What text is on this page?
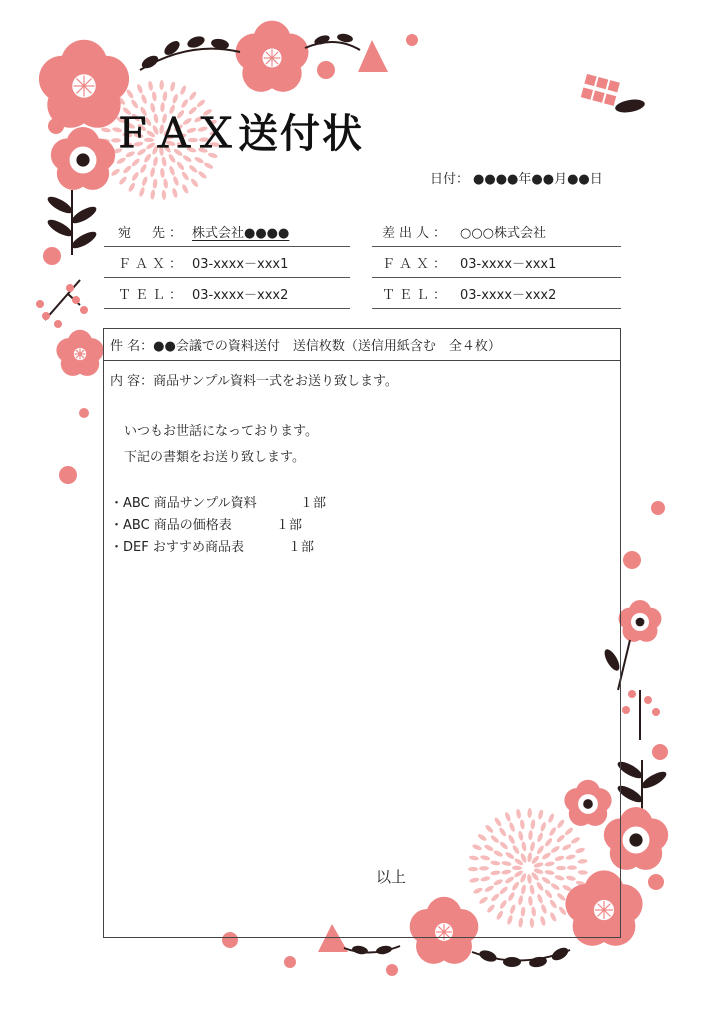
ＦＡＸ送付状
日付： ●●●●年●●月●●日
宛　先： 株式会社●●●●
ＦＡＸ： 03-xxxx－xxx1
ＴＥＬ： 03-xxxx－xxx2
差出人： ○○○株式会社
ＦＡＸ： 03-xxxx－xxx1
ＴＥＬ： 03-xxxx－xxx2
件 名：●●会議での資料送付　送信枚数（送信用紙含む　全４枚）
内 容：商品サンプル資料一式をお送り致します。
いつもお世話になっております。
下記の書類をお送り致します。
・ABC 商品サンプル資料	１部
・ABC 商品の価格表	１部
・DEF おすすめ商品表	１部
以上
